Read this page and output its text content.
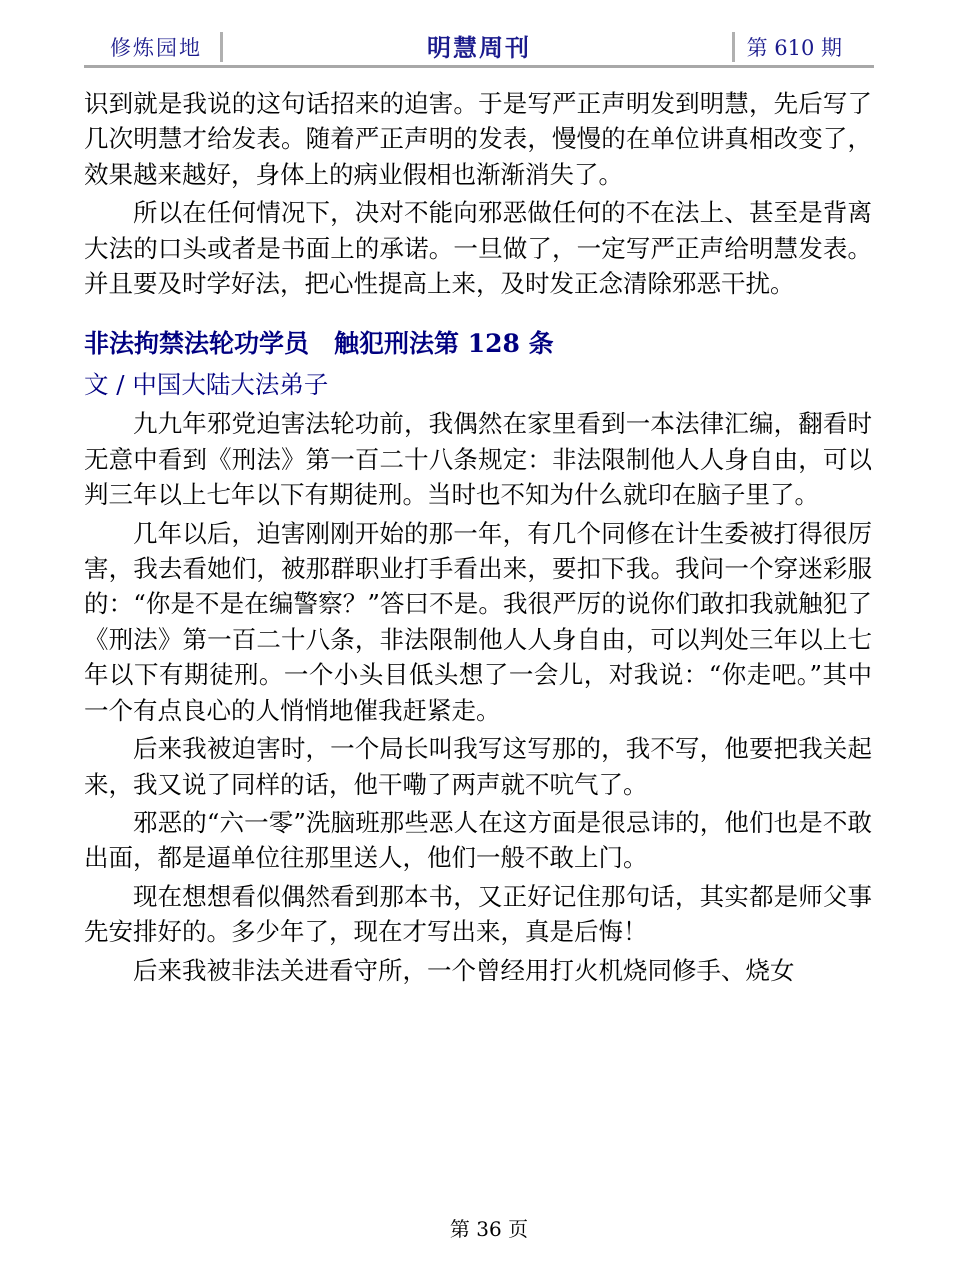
修炼园地	明慧周刊	第 610 期

识到就是我说的这句话招来的迫害。于是写严正声明发到明慧，先后写了几次明慧才给发表。随着严正声明的发表，慢慢的在单位讲真相改变了，效果越来越好，身体上的病业假相也渐渐消失了。

所以在任何情况下，决对不能向邪恶做任何的不在法上、甚至是背离大法的口头或者是书面上的承诺。一旦做了，一定写严正声给明慧发表。并且要及时学好法，把心性提高上来，及时发正念清除邪恶干扰。

非法拘禁法轮功学员　触犯刑法第 128 条
文 / 中国大陆大法弟子

九九年邪党迫害法轮功前，我偶然在家里看到一本法律汇编，翻看时无意中看到《刑法》第一百二十八条规定：非法限制他人人身自由，可以判三年以上七年以下有期徒刑。当时也不知为什么就印在脑子里了。

几年以后，迫害刚刚开始的那一年，有几个同修在计生委被打得很厉害，我去看她们，被那群职业打手看出来，要扣下我。我问一个穿迷彩服的：“你是不是在编警察？”答曰不是。我很严厉的说你们敢扣我就触犯了《刑法》第一百二十八条，非法限制他人人身自由，可以判处三年以上七年以下有期徒刑。一个小头目低头想了一会儿，对我说：“你走吧。”其中一个有点良心的人悄悄地催我赶紧走。

后来我被迫害时，一个局长叫我写这写那的，我不写，他要把我关起来，我又说了同样的话，他干嘞了两声就不吭气了。

邪恶的“六一零”洗脑班那些恶人在这方面是很忌讳的，他们也是不敢出面，都是逼单位往那里送人，他们一般不敢上门。

现在想想看似偶然看到那本书，又正好记住那句话，其实都是师父事先安排好的。多少年了，现在才写出来，真是后悔！

后来我被非法关进看守所，一个曾经用打火机烧同修手、烧女

第 36 页
